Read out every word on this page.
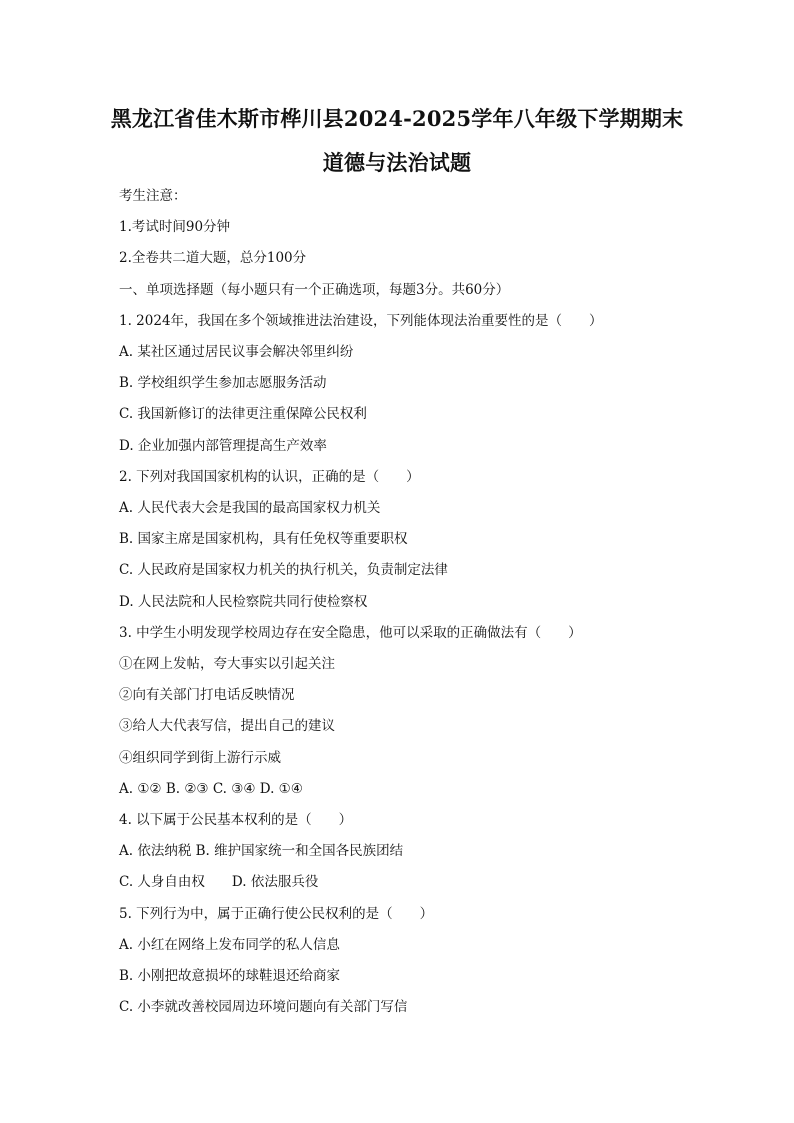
黑龙江省佳木斯市桦川县2024-2025学年八年级下学期期末
道德与法治试题
考生注意：
1.考试时间90分钟
2.全卷共二道大题，总分100分
一、单项选择题（每小题只有一个正确选项，每题3分。共60分）
1. 2024年，我国在多个领域推进法治建设，下列能体现法治重要性的是（　　）
A. 某社区通过居民议事会解决邻里纠纷
B. 学校组织学生参加志愿服务活动
C. 我国新修订的法律更注重保障公民权利
D. 企业加强内部管理提高生产效率
2. 下列对我国国家机构的认识，正确的是（　　）
A. 人民代表大会是我国的最高国家权力机关
B. 国家主席是国家机构，具有任免权等重要职权
C. 人民政府是国家权力机关的执行机关，负责制定法律
D. 人民法院和人民检察院共同行使检察权
3. 中学生小明发现学校周边存在安全隐患，他可以采取的正确做法有（　　）
①在网上发帖，夸大事实以引起关注
②向有关部门打电话反映情况
③给人大代表写信，提出自己的建议
④组织同学到街上游行示威
A. ①② B. ②③ C. ③④ D. ①④
4. 以下属于公民基本权利的是（　　）
A. 依法纳税 B. 维护国家统一和全国各民族团结
C. 人身自由权　　D. 依法服兵役
5. 下列行为中，属于正确行使公民权利的是（　　）
A. 小红在网络上发布同学的私人信息
B. 小刚把故意损坏的球鞋退还给商家
C. 小李就改善校园周边环境问题向有关部门写信
